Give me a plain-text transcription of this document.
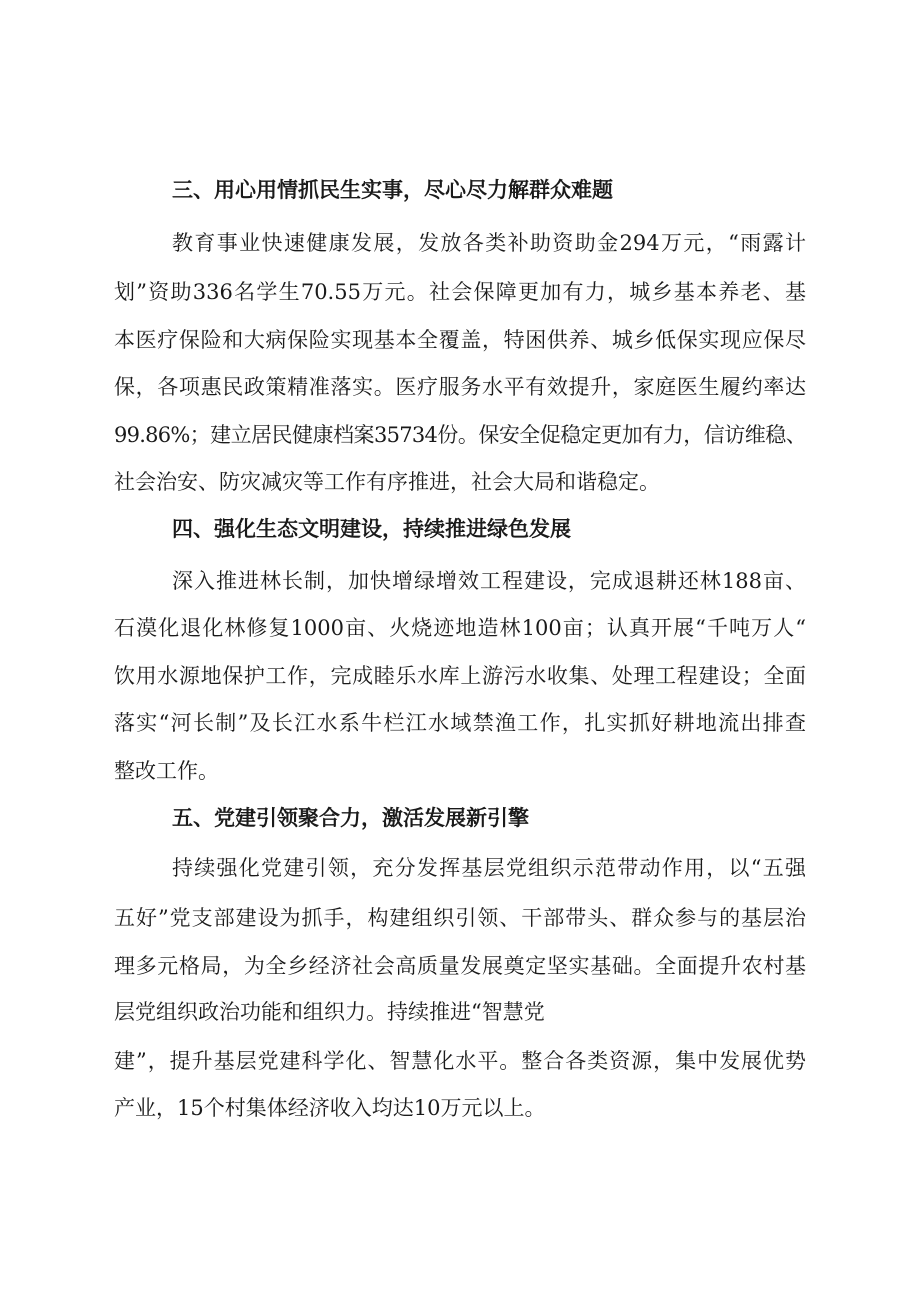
三、用心用情抓民生实事，尽心尽力解群众难题
教育事业快速健康发展，发放各类补助资助金294万元，“雨露计
划”资助336名学生70.55万元。社会保障更加有力，城乡基本养老、基
本医疗保险和大病保险实现基本全覆盖，特困供养、城乡低保实现应保尽
保，各项惠民政策精准落实。医疗服务水平有效提升，家庭医生履约率达
99.86%；建立居民健康档案35734份。保安全促稳定更加有力，信访维稳、
社会治安、防灾减灾等工作有序推进，社会大局和谐稳定。
四、强化生态文明建设，持续推进绿色发展
深入推进林长制，加快增绿增效工程建设，完成退耕还林188亩、
石漠化退化林修复1000亩、火烧迹地造林100亩；认真开展“千吨万人“
饮用水源地保护工作，完成睦乐水库上游污水收集、处理工程建设；全面
落实“河长制”及长江水系牛栏江水域禁渔工作，扎实抓好耕地流出排查
整改工作。
五、党建引领聚合力，激活发展新引擎
持续强化党建引领，充分发挥基层党组织示范带动作用，以“五强
五好”党支部建设为抓手，构建组织引领、干部带头、群众参与的基层治
理多元格局，为全乡经济社会高质量发展奠定坚实基础。全面提升农村基
层党组织政治功能和组织力。持续推进“智慧党
建”，提升基层党建科学化、智慧化水平。整合各类资源，集中发展优势
产业，15个村集体经济收入均达10万元以上。
